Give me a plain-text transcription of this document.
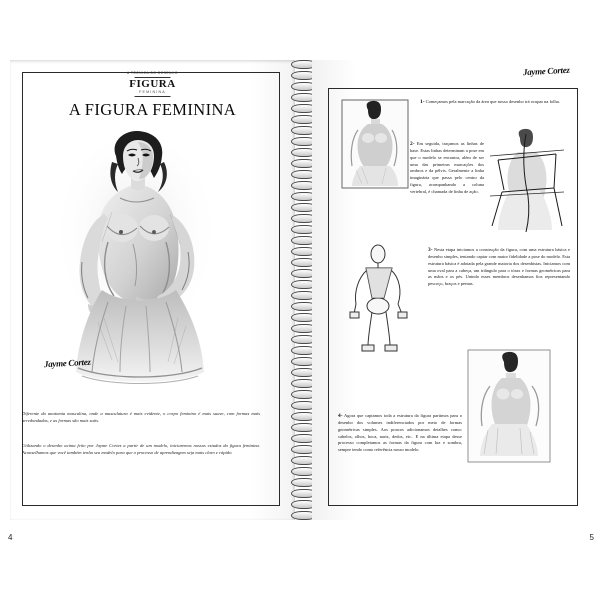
A TÉCNICA DO DESENHO
FIGURA
FEMININA
A FIGURA FEMININA
Jayme Cortez
Diferente da anatomia masculina, onde a musculatura é mais evidente, o corpo feminino é mais suave, com formas mais arredondadas, e as formas são mais sutis.
Utilizando o desenho acima feito por Jayme Cortez a partir de um modelo, iniciaremos nossos estudos da figura feminina. Aconselhamos que você também tenha seu modelo para que o processo de aprendizagem seja mais claro e rápido.
4
Jayme Cortez
1- Começamos pela marcação da área que nosso desenho irá ocupar na folha.
2- Em seguida, traçamos as linhas de base. Estas linhas determinam a pose em que o modelo se encontra, além de ser uma das primeiras marcações dos ombros e da pélvis. Geralmente a linha imaginária que passa pelo centro da figura, acompanhando a coluna vertebral, é chamada de linha de ação.
3- Nesta etapa iniciamos a construção da figura, com uma estrutura básica e desenho simples, tentando captar com maior fidelidade a pose do modelo. Esta estrutura básica é adotada pela grande maioria dos desenhistas. Iniciamos com uma oval para a cabeça, um triângulo para o tórax e formas geométricas para as mãos e os pés. Unindo esses membros desenhamos fios representando pescoço, braços e pernas.
4- Agora que captamos toda a estrutura da figura partimos para o desenho dos volumes indiferenciados por meio de formas geométricas simples. Aos poucos adicionamos detalhes como: cabelos, olhos, boca, nariz, dedos, etc.. E na última etapa desse processo completamos as formas da figura com luz e sombra, sempre tendo como referência nosso modelo.
5
